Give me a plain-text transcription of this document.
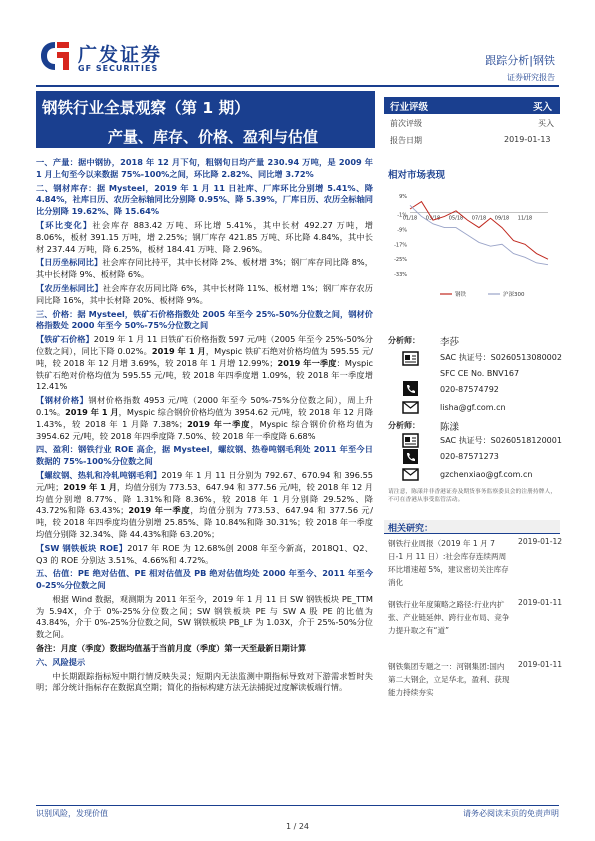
广发证券
GF SECURITIES
跟踪分析|钢铁
证券研究报告
钢铁行业全景观察（第 1 期）
产量、库存、价格、盈利与估值

一、产量：据中钢协，2018 年 12 月下旬，粗钢旬日均产量 230.94 万吨，是 2009 年 1 月上旬至今以来数据 75%-100%之间，环比降 2.82%、同比增 3.72%

二、钢材库存：据 Mysteel，2019 年 1 月 11 日社库、厂库环比分别增 5.41%、降 4.84%，社库日历、农历全标轴同比分别降 0.95%、降 5.39%，厂库日历、农历全标轴同比分别降 19.62%、降 15.64%

【环比变化】社会库存 883.42 万吨、环比增 5.41%，其中长材 492.27 万吨，增 8.06%，板材 391.15 万吨，增 2.25%；钢厂库存 421.85 万吨、环比降 4.84%，其中长材 237.44 万吨，降 6.25%，板材 184.41 万吨、降 2.96%。

【日历坐标同比】社会库存同比持平，其中长材降 2%、板材增 3%；钢厂库存同比降 8%，其中长材降 9%、板材降 6%。

【农历坐标同比】社会库存农历同比降 6%，其中长材降 11%、板材增 1%；钢厂库存农历同比降 16%，其中长材降 20%、板材降 9%。

三、价格：据 Mysteel，铁矿石价格指数处 2005 年至今 25%-50%分位数之间，钢材价格指数处 2000 年至今 50%-75%分位数之间

【铁矿石价格】2019 年 1 月 11 日铁矿石价格指数 597 元/吨（2005 年至今 25%-50%分位数之间），同比下降 0.02%。2019 年 1 月，Myspic 铁矿石绝对价格均值为 595.55 元/吨，较 2018 年 12 月增 3.69%，较 2018 年 1 月增 12.99%；2019 年一季度：Myspic 铁矿石绝对价格均值为 595.55 元/吨，较 2018 年四季度增 1.09%，较 2018 年一季度增 12.41%

【钢材价格】钢材价格指数 4953 元/吨（2000 年至今 50%-75%分位数之间），周上升 0.1%。2019 年 1 月，Myspic 综合钢价价格均值为 3954.62 元/吨，较 2018 年 12 月降 1.43%，较 2018 年 1 月降 7.38%；2019 年一季度，Myspic 综合钢价价格均值为 3954.62 元/吨，较 2018 年四季度降 7.50%、较 2018 年一季度降 6.68%

四、盈利：钢铁行业 ROE 高企，据 Mysteel，螺纹钢、热卷吨钢毛利处 2011 年至今日数据的 75%-100%分位数之间

【螺纹钢、热轧和冷轧吨钢毛利】2019 年 1 月 11 日分别为 792.67、670.94 和 396.55 元/吨；2019 年 1 月，均值分别为 773.53、647.94 和 377.56 元/吨，较 2018 年 12 月均值分别增 8.77%、降 1.31%和降 8.36%，较 2018 年 1 月分别降 29.52%、降 43.72%和降 63.43%；2019 年一季度，均值分别为 773.53、647.94 和 377.56 元/吨，较 2018 年四季度均值分别增 25.85%、降 10.84%和降 30.31%；较 2018 年一季度均值分别降 32.34%、降 44.43%和降 63.20%；

【SW 钢铁板块 ROE】2017 年 ROE 为 12.68%创 2008 年至今新高，2018Q1、Q2、Q3 的 ROE 分别达 3.51%、4.66%和 4.72%。

五、估值：PE 绝对估值、PE 相对估值及 PB 绝对估值均处 2000 年至今、2011 年至今 0-25%分位数之间

根据 Wind 数据，观测期为 2011 年至今，2019 年 1 月 11 日 SW 钢铁板块 PE_TTM 为 5.94X，介于 0%-25%分位数之间；SW 钢铁板块 PE 与 SW A 股 PE 的比值为 43.84%，介于 0%-25%分位数之间，SW 钢铁板块 PB_LF 为 1.03X，介于 25%-50%分位数之间。

备注：月度（季度）数据均值基于当前月度（季度）第一天至最新日期计算

六、风险提示

中长期跟踪指标短中期行情反映失灵；短期内无法监测中期指标导致对下游需求暂时失明；部分统计指标存在数据真空期；简化的指标构建方法无法捕捉过度解读板端行情。

行业评级	买入
前次评级	买入
报告日期	2019-01-13
相对市场表现
9%
-1%
-9%
-17%
-25%
-33%
01/18 03/18 05/18 07/18 09/18 11/18
钢铁	沪深300
分析师： 李莎
SAC 执证号：S0260513080002
SFC CE No. BNV167
020-87574792
lisha@gf.com.cn
分析师： 陈漾
SAC 执证号：S0260518120001
020-87571273
gzchenxiao@gf.com.cn
请注意，陈漾并非香港证券及期货事务监察委员会的注册持牌人，不可在香港从事受监管活动。
相关研究：
钢铁行业周报（2019 年 1 月 7 日-1 月 11 日）:社会库存连续两周环比增速超 5%，建议密切关注库存消化
2019-01-12
钢铁行业年度策略之路径:行业内扩张、产业链延伸、跨行业布局、竞争力提升取之有“道”
2019-01-11
钢铁集团专题之一：河钢集团:国内第二大钢企，立足华北，盈利、获现能力持续夯实
2019-01-11
识别风险，发现价值	请务必阅读末页的免责声明
1 / 24
